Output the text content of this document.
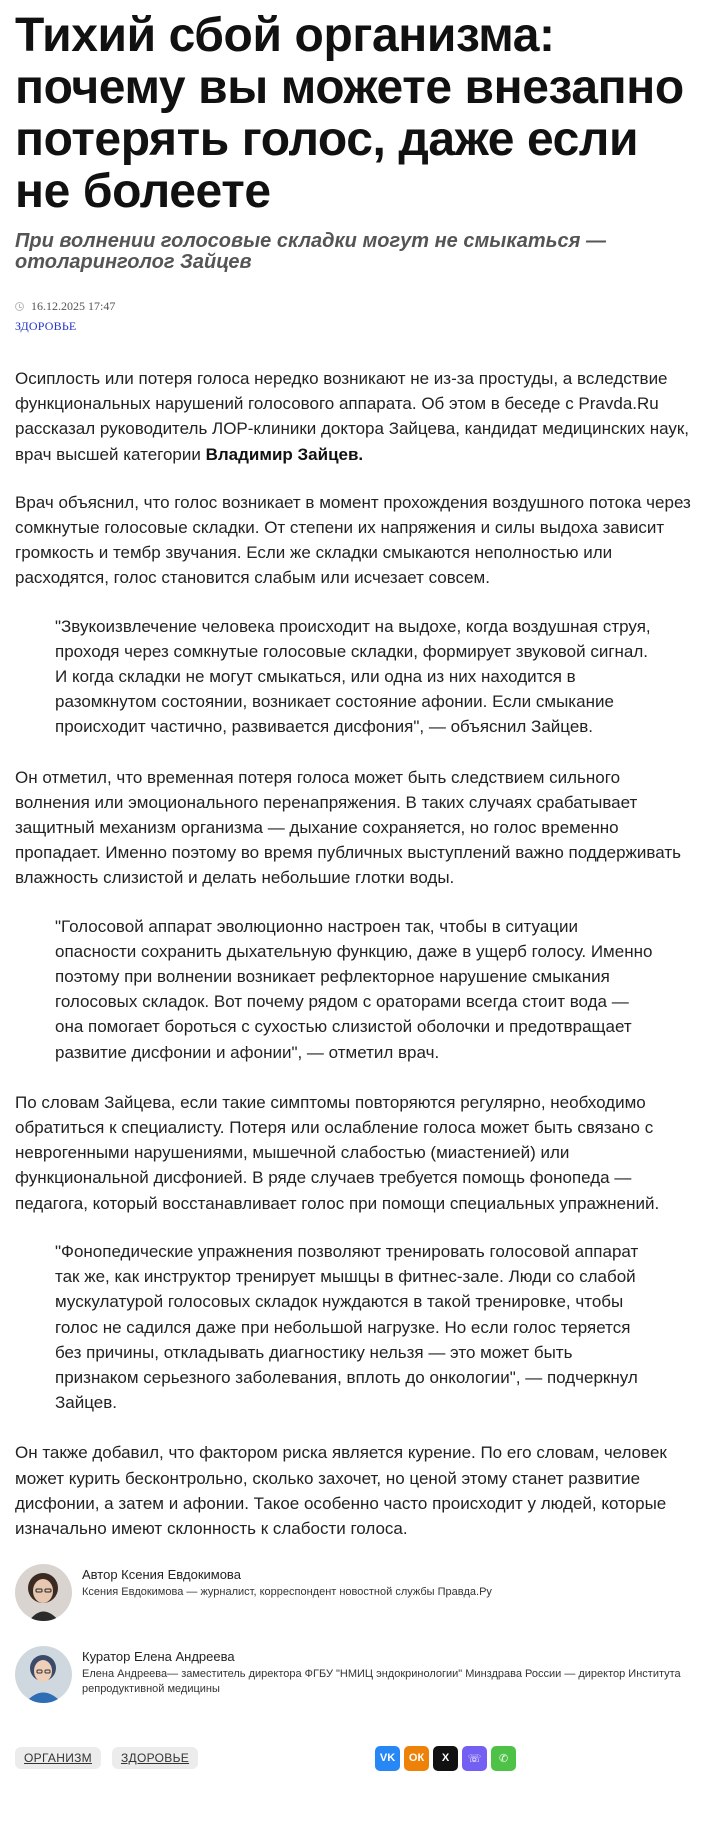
Тихий сбой организма: почему вы можете внезапно потерять голос, даже если не болеете
При волнении голосовые складки могут не смыкаться — отоларинголог Зайцев
16.12.2025 17:47
ЗДОРОВЬЕ

Осиплость или потеря голоса нередко возникают не из-за простуды, а вследствие функциональных нарушений голосового аппарата. Об этом в беседе с Pravda.Ru рассказал руководитель ЛОР-клиники доктора Зайцева, кандидат медицинских наук, врач высшей категории Владимир Зайцев.

Врач объяснил, что голос возникает в момент прохождения воздушного потока через сомкнутые голосовые складки. От степени их напряжения и силы выдоха зависит громкость и тембр звучания. Если же складки смыкаются неполностью или расходятся, голос становится слабым или исчезает совсем.

"Звукоизвлечение человека происходит на выдохе, когда воздушная струя, проходя через сомкнутые голосовые складки, формирует звуковой сигнал. И когда складки не могут смыкаться, или одна из них находится в разомкнутом состоянии, возникает состояние афонии. Если смыкание происходит частично, развивается дисфония", — объяснил Зайцев.

Он отметил, что временная потеря голоса может быть следствием сильного волнения или эмоционального перенапряжения. В таких случаях срабатывает защитный механизм организма — дыхание сохраняется, но голос временно пропадает. Именно поэтому во время публичных выступлений важно поддерживать влажность слизистой и делать небольшие глотки воды.

"Голосовой аппарат эволюционно настроен так, чтобы в ситуации опасности сохранить дыхательную функцию, даже в ущерб голосу. Именно поэтому при волнении возникает рефлекторное нарушение смыкания голосовых складок. Вот почему рядом с ораторами всегда стоит вода — она помогает бороться с сухостью слизистой оболочки и предотвращает развитие дисфонии и афонии", — отметил врач.

По словам Зайцева, если такие симптомы повторяются регулярно, необходимо обратиться к специалисту. Потеря или ослабление голоса может быть связано с неврогенными нарушениями, мышечной слабостью (миастенией) или функциональной дисфонией. В ряде случаев требуется помощь фонопеда — педагога, который восстанавливает голос при помощи специальных упражнений.

"Фонопедические упражнения позволяют тренировать голосовой аппарат так же, как инструктор тренирует мышцы в фитнес-зале. Люди со слабой мускулатурой голосовых складок нуждаются в такой тренировке, чтобы голос не садился даже при небольшой нагрузке. Но если голос теряется без причины, откладывать диагностику нельзя — это может быть признаком серьезного заболевания, вплоть до онкологии", — подчеркнул Зайцев.

Он также добавил, что фактором риска является курение. По его словам, человек может курить бесконтрольно, сколько захочет, но ценой этому станет развитие дисфонии, а затем и афонии. Такое особенно часто происходит у людей, которые изначально имеют склонность к слабости голоса.

Автор Ксения Евдокимова
Ксения Евдокимова — журналист, корреспондент новостной службы Правда.Ру
Куратор Елена Андреева
Елена Андреева— заместитель директора ФГБУ "НМИЦ эндокринологии" Минздрава России — директор Института репродуктивной медицины
ОРГАНИЗМ	ЗДОРОВЬЕ	VK ОК X ☏ ✆
